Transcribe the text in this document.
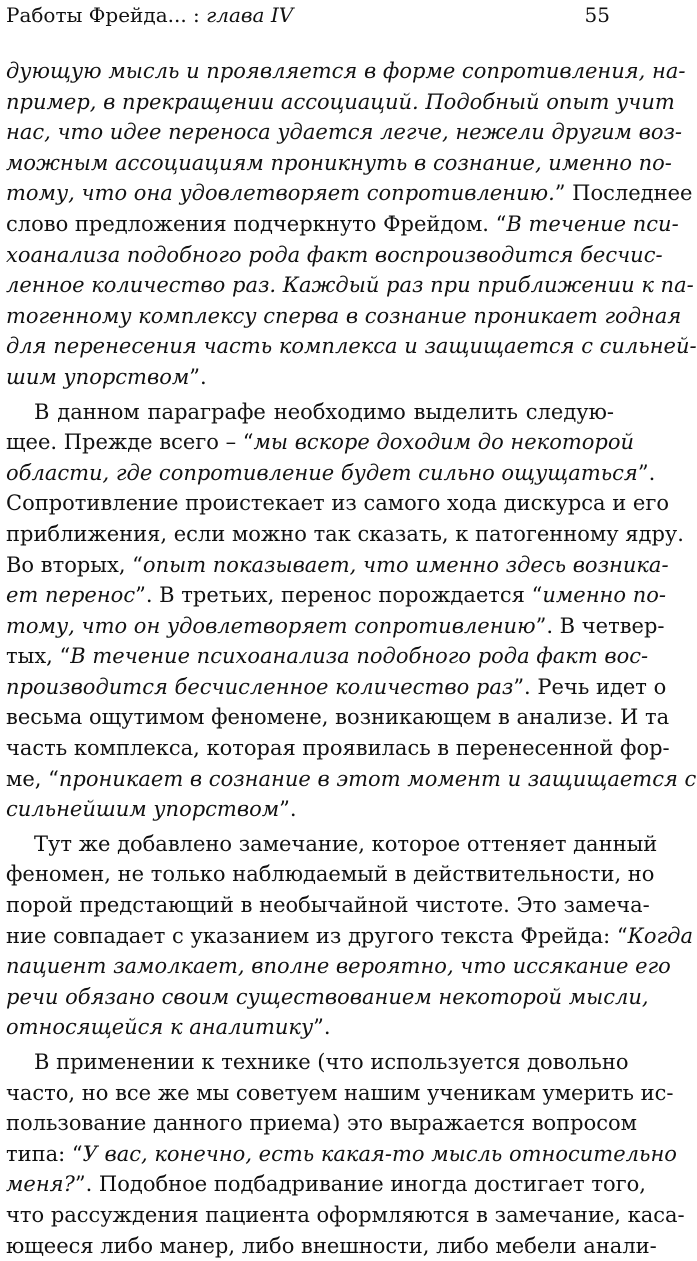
Работы Фрейда... : глава IV	55
дующую мысль и проявляется в форме сопротивления, на-
пример, в прекращении ассоциаций. Подобный опыт учит
нас, что идее переноса удается легче, нежели другим воз-
можным ассоциациям проникнуть в сознание, именно по-
тому, что она удовлетворяет сопротивлению.” Последнее
слово предложения подчеркнуто Фрейдом. “В течение пси-
хоанализа подобного рода факт воспроизводится бесчис-
ленное количество раз. Каждый раз при приближении к па-
тогенному комплексу сперва в сознание проникает годная
для перенесения часть комплекса и защищается с сильней-
шим упорством”.
В данном параграфе необходимо выделить следую-
щее. Прежде всего – “мы вскоре доходим до некоторой
области, где сопротивление будет сильно ощущаться”.
Сопротивление проистекает из самого хода дискурса и его
приближения, если можно так сказать, к патогенному ядру.
Во вторых, “опыт показывает, что именно здесь возника-
ет перенос”. В третьих, перенос порождается “именно по-
тому, что он удовлетворяет сопротивлению”. В четвер-
тых, “В течение психоанализа подобного рода факт вос-
производится бесчисленное количество раз”. Речь идет о
весьма ощутимом феномене, возникающем в анализе. И та
часть комплекса, которая проявилась в перенесенной фор-
ме, “проникает в сознание в этот момент и защищается с
сильнейшим упорством”.
Тут же добавлено замечание, которое оттеняет данный
феномен, не только наблюдаемый в действительности, но
порой предстающий в необычайной чистоте. Это замеча-
ние совпадает с указанием из другого текста Фрейда: “Когда
пациент замолкает, вполне вероятно, что иссякание его
речи обязано своим существованием некоторой мысли,
относящейся к аналитику”.
В применении к технике (что используется довольно
часто, но все же мы советуем нашим ученикам умерить ис-
пользование данного приема) это выражается вопросом
типа: “У вас, конечно, есть какая-то мысль относительно
меня?”. Подобное подбадривание иногда достигает того,
что рассуждения пациента оформляются в замечание, каса-
ющееся либо манер, либо внешности, либо мебели анали-
